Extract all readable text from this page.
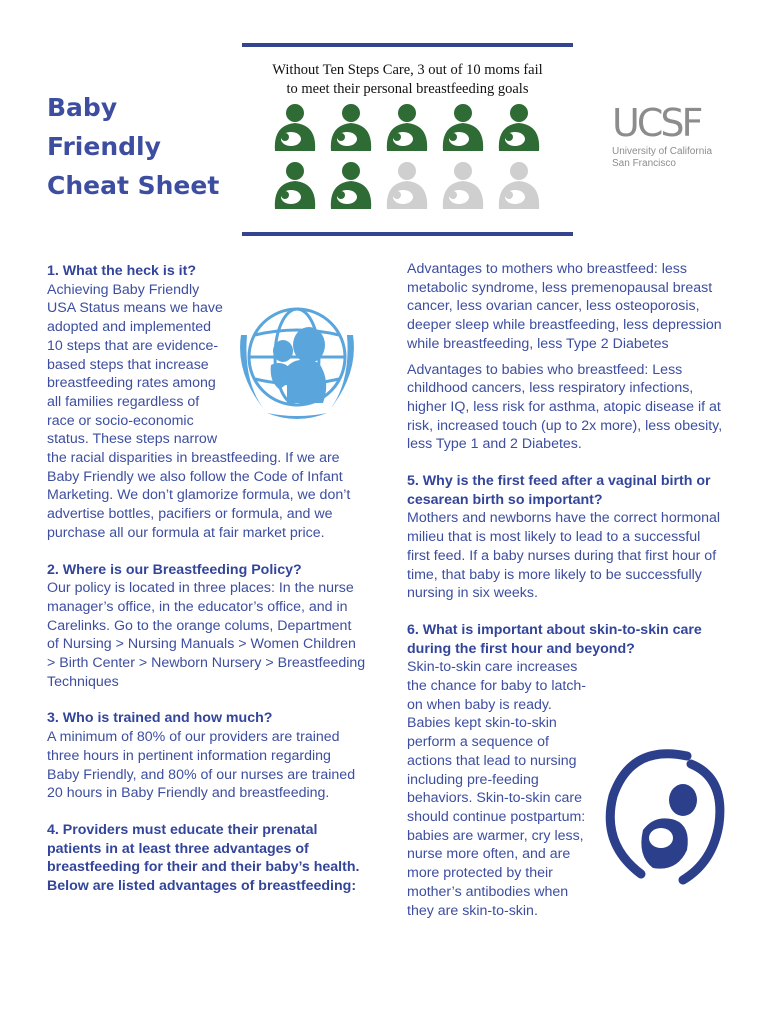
Baby
Friendly
Cheat Sheet
Without Ten Steps Care, 3 out of 10 moms fail
to meet their personal breastfeeding goals
UCSF
University of California
San Francisco
1. What the heck is it?

Achieving Baby Friendly USA Status means we have adopted and implemented 10 steps that are evidence-based steps that increase breastfeeding rates among all families regardless of race or socio-economic status. These steps narrow the racial disparities in breastfeeding. If we are Baby Friendly we also follow the Code of Infant Marketing. We don’t glamorize formula, we don’t advertise bottles, pacifiers or formula, and we purchase all our formula at fair market price.

2. Where is our Breastfeeding Policy?

Our policy is located in three places: In the nurse manager’s office, in the educator’s office, and in Carelinks. Go to the orange colums, Department of Nursing > Nursing Manuals > Women Children > Birth Center > Newborn Nursery > Breastfeeding Techniques

3. Who is trained and how much?

A minimum of 80% of our providers are trained three hours in pertinent information regarding Baby Friendly, and 80% of our nurses are trained 20 hours in Baby Friendly and breastfeeding.

4. Providers must educate their prenatal patients in at least three advantages of breastfeeding for their and their baby’s health. Below are listed advantages of breastfeeding:

Advantages to mothers who breastfeed: less metabolic syndrome, less premenopausal breast cancer, less ovarian cancer, less osteoporosis, deeper sleep while breastfeeding, less depression while breastfeeding, less Type 2 Diabetes

Advantages to babies who breastfeed: Less childhood cancers, less respiratory infections, higher IQ, less risk for asthma, atopic disease if at risk, increased touch (up to 2x more), less obesity, less Type 1 and 2 Diabetes.

5. Why is the first feed after a vaginal birth or cesarean birth so important?

Mothers and newborns have the correct hormonal milieu that is most likely to lead to a successful first feed. If a baby nurses during that first hour of time, that baby is more likely to be successfully nursing in six weeks.

6. What is important about skin-to-skin care during the first hour and beyond?

Skin-to-skin care increases the chance for baby to latch-on when baby is ready. Babies kept skin-to-skin perform a sequence of actions that lead to nursing including pre-feeding behaviors. Skin-to-skin care should continue postpartum: babies are warmer, cry less, nurse more often, and are more protected by their mother’s antibodies when they are skin-to-skin.
